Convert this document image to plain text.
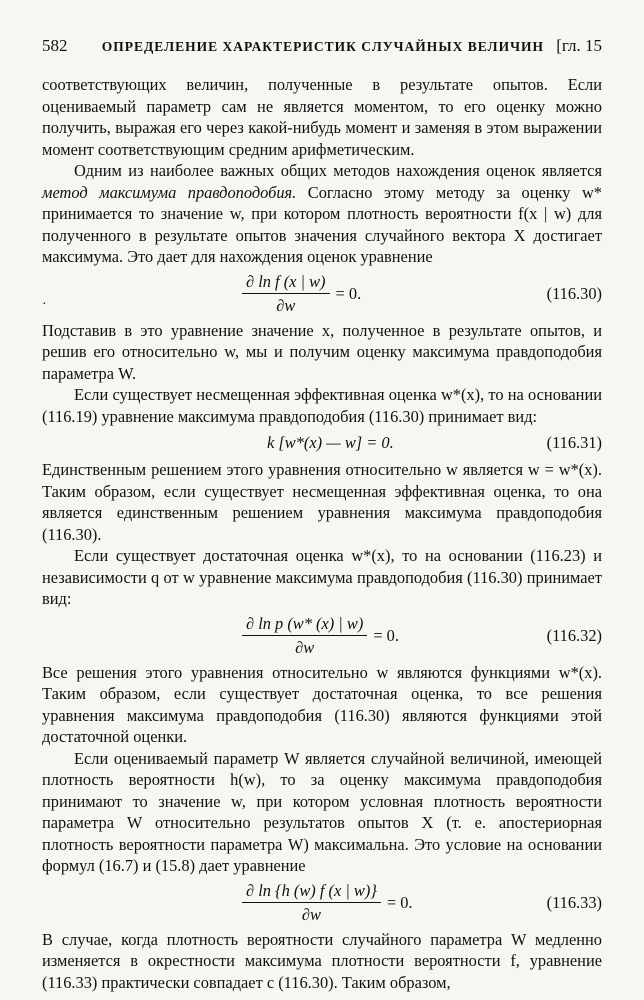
582	ОПРЕДЕЛЕНИЕ ХАРАКТЕРИСТИК СЛУЧАЙНЫХ ВЕЛИЧИН [гл. 15

соответствующих величин, полученные в результате опытов. Если оцениваемый параметр сам не является моментом, то его оценку можно получить, выражая его через какой-нибудь момент и заменяя в этом выражении момент соответствующим средним арифметическим.

Одним из наиболее важных общих методов нахождения оценок является метод максимума правдоподобия. Согласно этому методу за оценку w* принимается то значение w, при котором плотность вероятности f(x | w) для полученного в результате опытов значения случайного вектора X достигает максимума. Это дает для нахождения оценок уравнение

·	$\frac{\text{∂ ln f (x | w)}}{\partial w} = 0$.	(116.30)

Подставив в это уравнение значение x, полученное в результате опытов, и решив его относительно w, мы и получим оценку максимума правдоподобия параметра W.

Если существует несмещенная эффективная оценка w*(x), то на основании (116.19) уравнение максимума правдоподобия (116.30) принимает вид:

k [w*(x) — w] = 0.	(116.31)

Единственным решением этого уравнения относительно w является w = w*(x). Таким образом, если существует несмещенная эффективная оценка, то она является единственным решением уравнения максимума правдоподобия (116.30).

Если существует достаточная оценка w*(x), то на основании (116.23) и независимости q от w уравнение максимума правдоподобия (116.30) принимает вид:

$\frac{\text{∂ ln p (w* (x) | w)}}{\partial w} = 0$.	(116.32)

Все решения этого уравнения относительно w являются функциями w*(x). Таким образом, если существует достаточная оценка, то все решения уравнения максимума правдоподобия (116.30) являются функциями этой достаточной оценки.

Если оцениваемый параметр W является случайной величиной, имеющей плотность вероятности h(w), то за оценку максимума правдоподобия принимают то значение w, при котором условная плотность вероятности параметра W относительно результатов опытов X (т. е. апостериорная плотность вероятности параметра W) максимальна. Это условие на основании формул (16.7) и (15.8) дает уравнение

$\frac{\partial \ln \{h (w) f (x | w)\}}{\partial w} = 0$.	(116.33)

В случае, когда плотность вероятности случайного параметра W медленно изменяется в окрестности максимума плотности вероятности f, уравнение (116.33) практически совпадает с (116.30). Таким образом,
